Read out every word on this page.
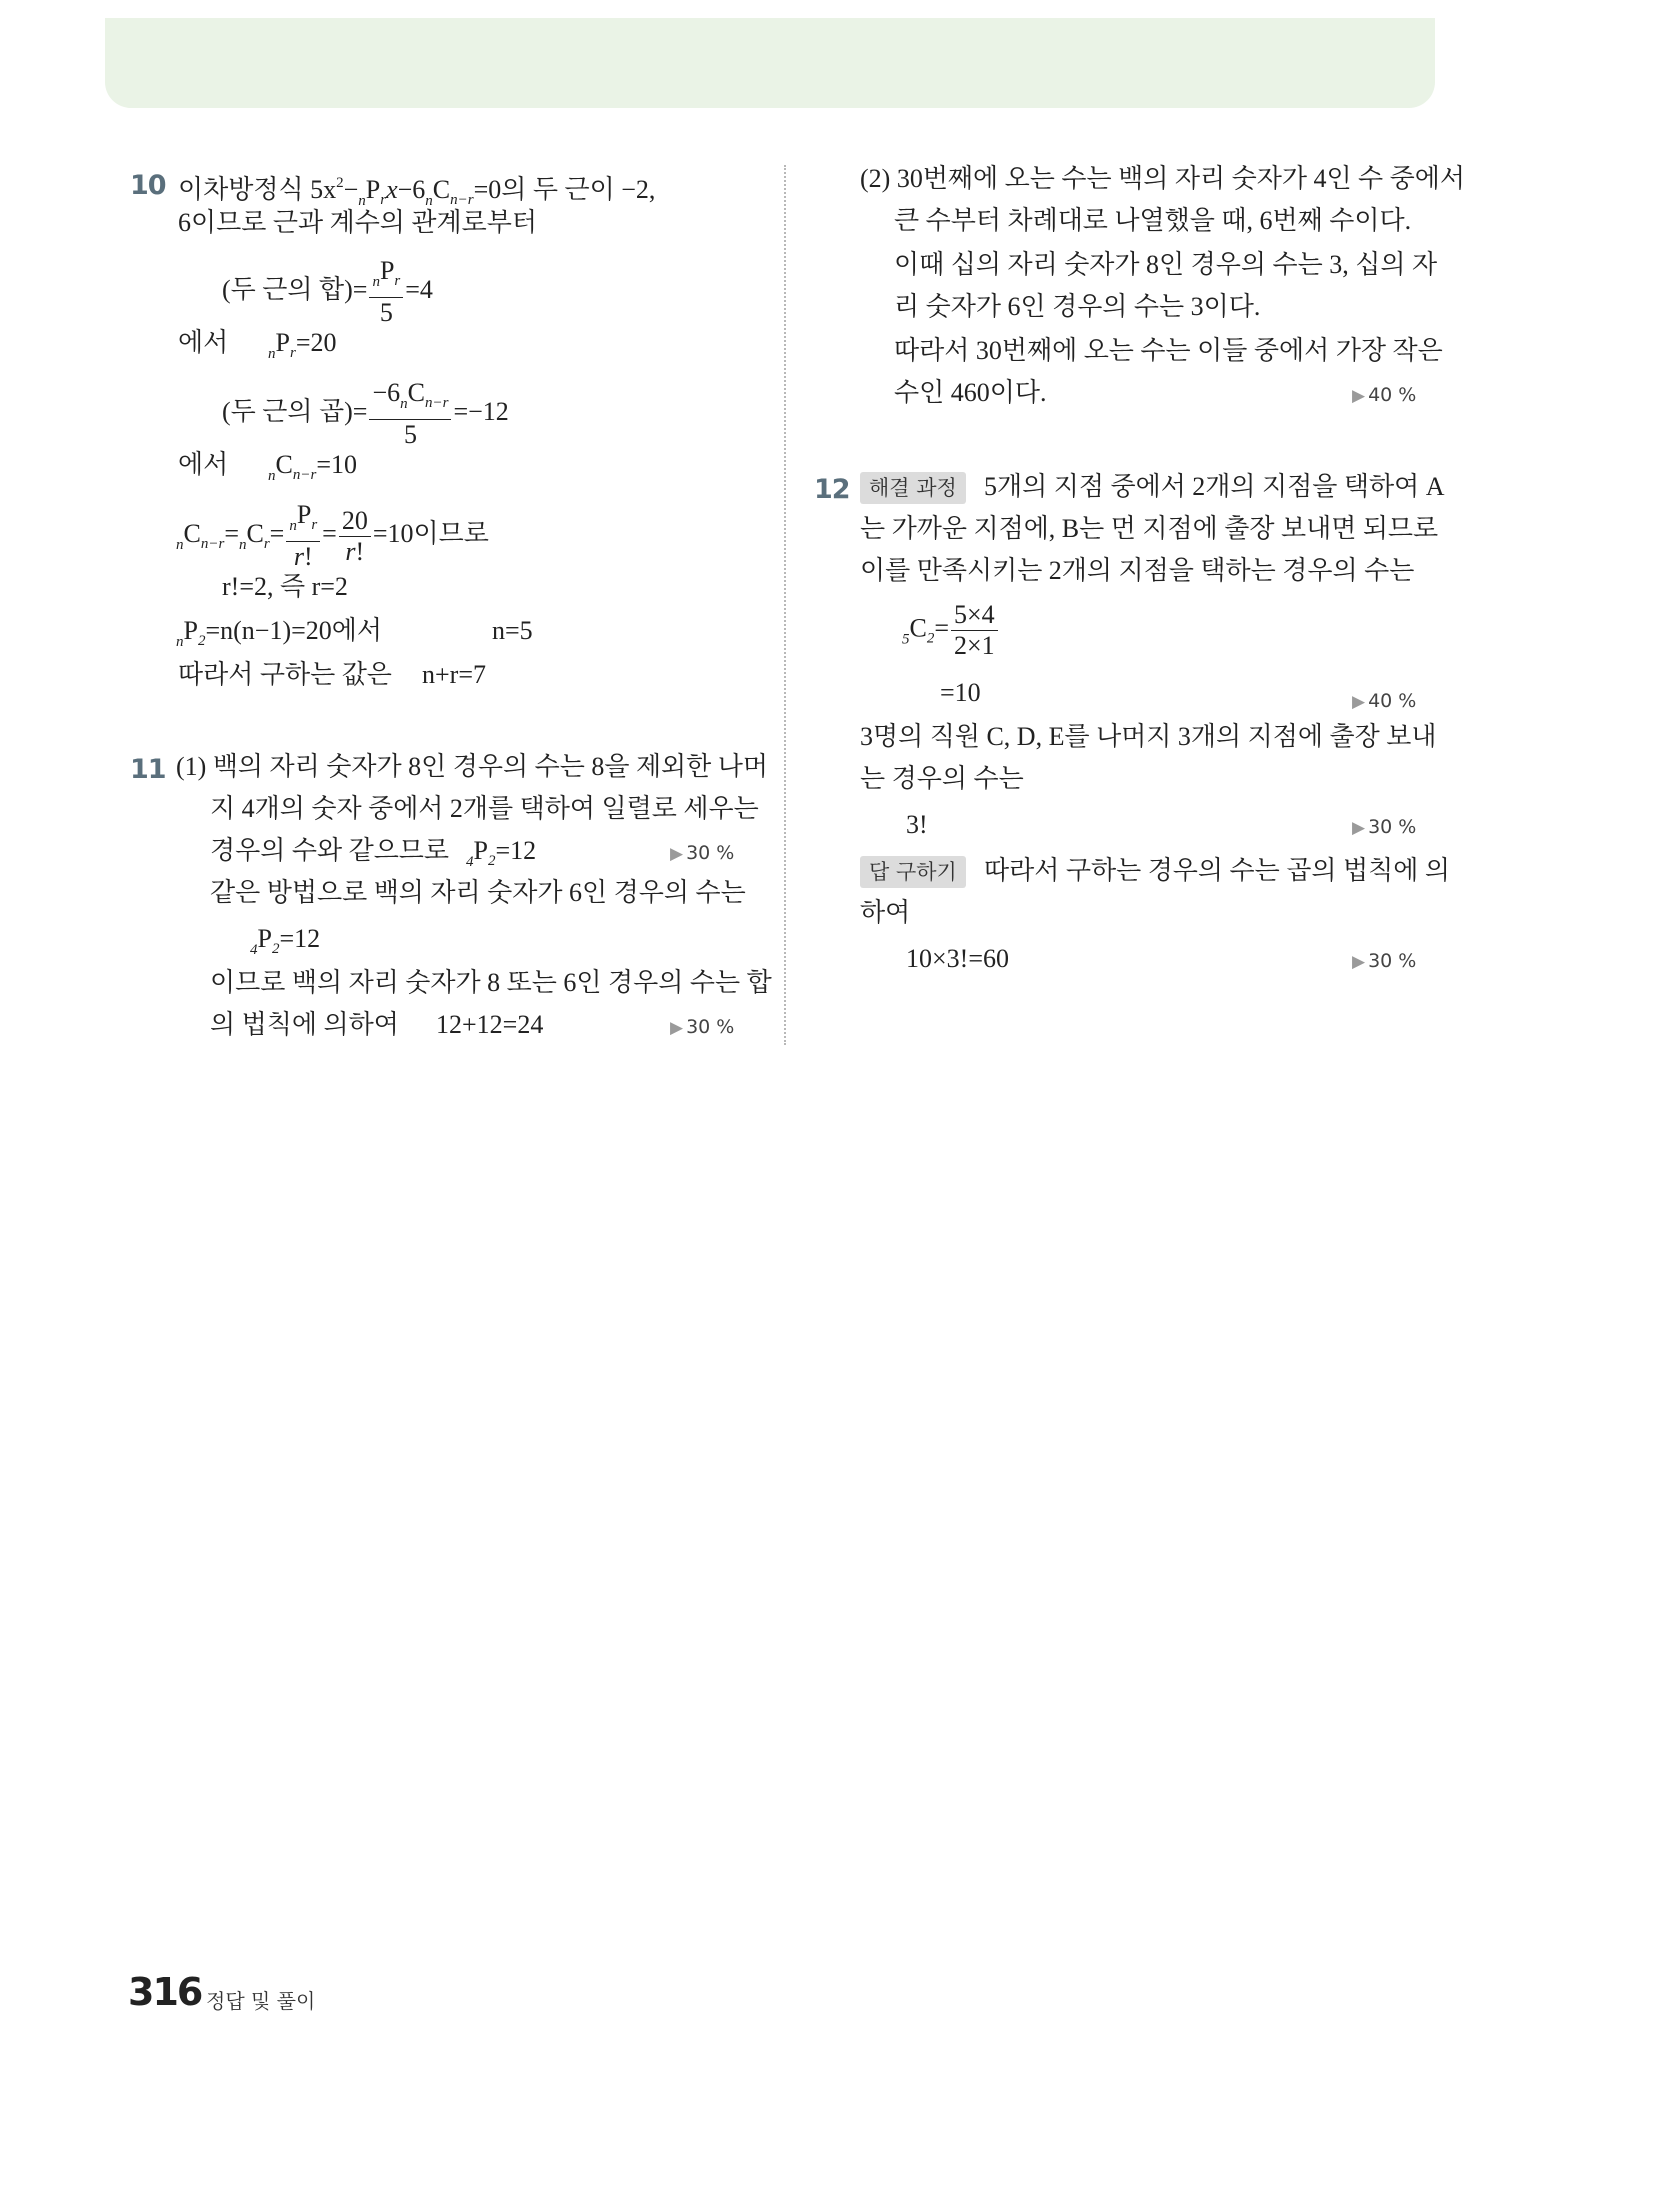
10 이차방정식 $5x^2-_nP_rx-6_nC_{n-r}=0$의 두 근이 −2,
6이므로 근과 계수의 관계로부터
(두 근의 합)= $\frac{_nP_r}{5} =4$
에서	$_nP_r=20$
(두 근의 곱)= $\frac{-6_nC_{n-r}}{5} =-12$
에서	$_nC_{n-r}=10$
$_nC_{n-r}=_nC_r= \frac{_nP_r}{r!} = \frac{20}{r!} =10$이므로
r!=2, 즉 r=2
$_nP_2=n(n-1)=20$에서	n=5
따라서 구하는 값은 n+r=7
11 (1) 백의 자리 숫자가 8인 경우의 수는 8을 제외한 나머
지 4개의 숫자 중에서 2개를 택하여 일렬로 세우는
경우의 수와 같으므로 $_4P_2=12$	▶ 30 %
같은 방법으로 백의 자리 숫자가 6인 경우의 수는
$_4P_2=12$
이므로 백의 자리 숫자가 8 또는 6인 경우의 수는 합
의 법칙에 의하여 12+12=24	▶ 30 %
(2) 30번째에 오는 수는 백의 자리 숫자가 4인 수 중에서
큰 수부터 차례대로 나열했을 때, 6번째 수이다.
이때 십의 자리 숫자가 8인 경우의 수는 3, 십의 자
리 숫자가 6인 경우의 수는 3이다.
따라서 30번째에 오는 수는 이들 중에서 가장 작은
수인 460이다.	▶ 40 %
12 해결 과정	5개의 지점 중에서 2개의 지점을 택하여 A
는 가까운 지점에, B는 먼 지점에 출장 보내면 되므로
이를 만족시키는 2개의 지점을 택하는 경우의 수는
$_5C_2= \frac{5\times 4}{2\times 1}$
=10	▶ 40 %
3명의 직원 C, D, E를 나머지 3개의 지점에 출장 보내
는 경우의 수는
3!	▶ 30 %
답 구하기	따라서 구하는 경우의 수는 곱의 법칙에 의
하여
10×3!=60	▶ 30 %
316 정답 및 풀이
